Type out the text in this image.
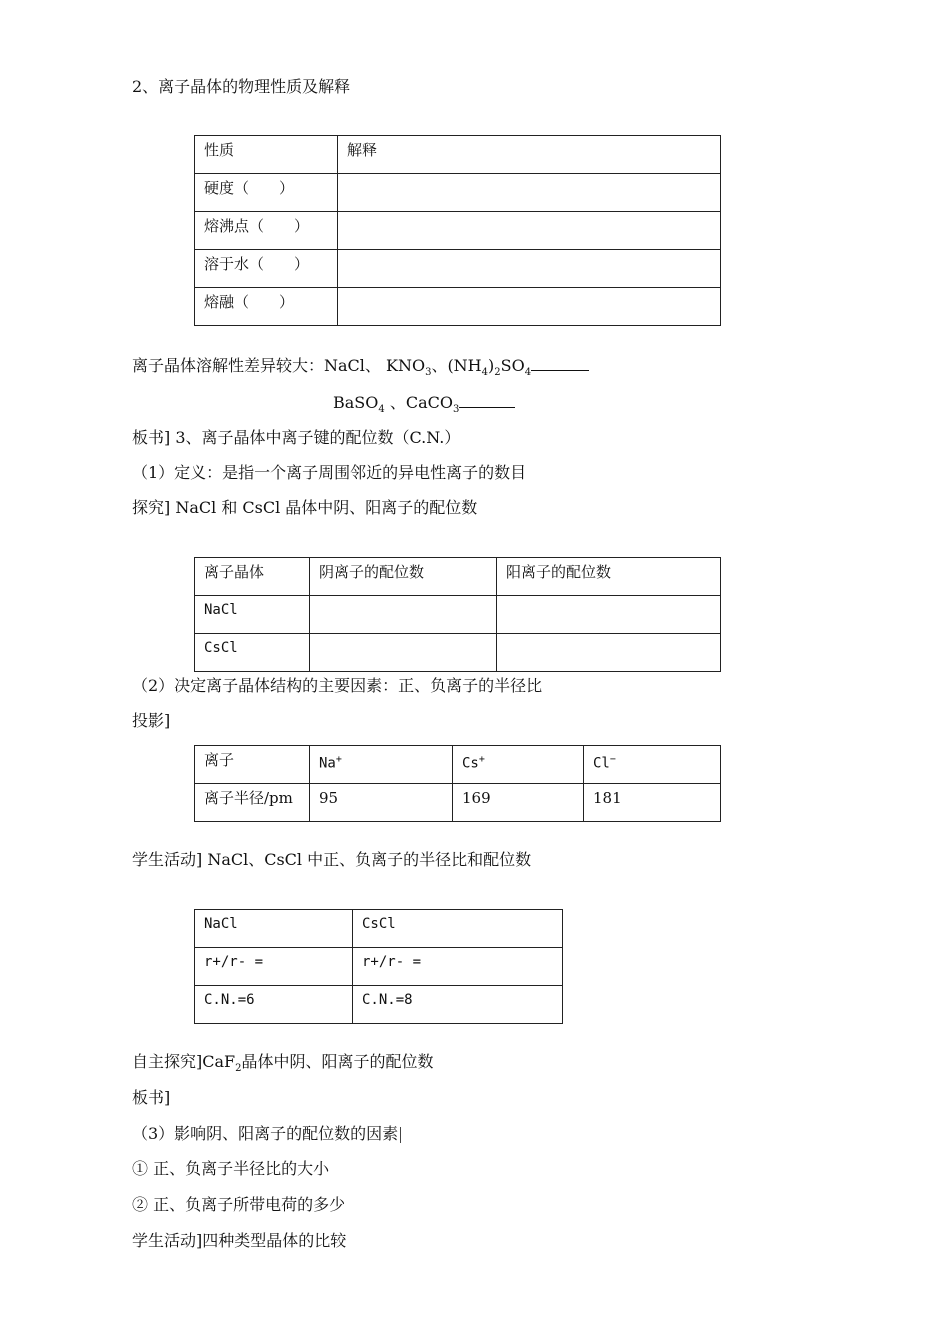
2、离子晶体的物理性质及解释
性质	解释
硬度（　　）	
熔沸点（　　）	
溶于水（　　）	
熔融（　　）	
离子晶体溶解性差异较大：NaCl、 $KNO_3$、$(NH_4)_2SO_4$
BaSO$_4$ 、CaCO$_3$
板书] 3、离子晶体中离子键的配位数（C.N.）
（1）定义：是指一个离子周围邻近的异电性离子的数目
探究] NaCl 和 CsCl 晶体中阴、阳离子的配位数
离子晶体	阴离子的配位数	阳离子的配位数
NaCl		
CsCl		
（2）决定离子晶体结构的主要因素：正、负离子的半径比
投影]
离子	Na+	Cs+	Cl−
离子半径/pm	95	169	181
学生活动] NaCl、CsCl 中正、负离子的半径比和配位数
NaCl	CsCl
r+/r- =	r+/r- =
C.N.=6	C.N.=8
自主探究]CaF$_2$晶体中阴、阳离子的配位数
板书]
（3）影响阴、阳离子的配位数的因素
① 正、负离子半径比的大小
② 正、负离子所带电荷的多少
学生活动]四种类型晶体的比较
